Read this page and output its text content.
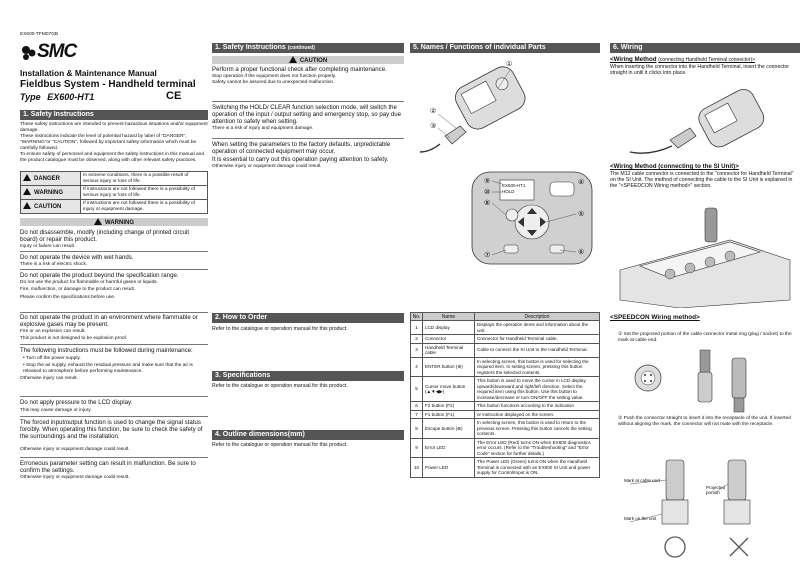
EX600-TFM07GB
SMC
Installation & Maintenance Manual
Fieldbus System - Handheld terminal
Type EX600-HT1	CE
1. Safety Instructions
These safety instructions are intended to prevent hazardous situations and/or equipment damage.
These instructions indicate the level of potential hazard by label of "DANGER", "WARNING"or "CAUTION", followed by important safety information which must be carefully followed.
To ensure safety of personnel and equipment the safety instructions in this manual and the product catalogue must be observed, along with other relevant safety practices.
DANGER	In extreme conditions, there is a possible result of serious injury or loss of life.
WARNING	If instructions are not followed there is a possibility of serious injury or loss of life.
CAUTION	If instructions are not followed there is a possibility of injury or equipment damage.
WARNING
Do not disassemble, modify (including change of printed circuit board) or repair this product.
Injury or failure can result.
Do not operate the device with wet hands.
There is a risk of electric shock.
Do not operate the product beyond the specification range.
Do not use the product for flammable or harmful gases or liquids.
Fire, malfunction, or damage to the product can result.
Please confirm the specifications before use.
Do not operate the product in an environment where flammable or explosive gases may be present.
Fire or an explosion can result.
This product is not designed to be explosion proof.
The following instructions must be followed during maintenance:
• Turn off the power supply.
• Stop the air supply, exhaust the residual pressure and make sure that the air is released to atmosphere before performing maintenance.
Otherwise injury can result.
Do not apply pressure to the LCD display.
This may cause damage or injury.
The forced input/output function is used to change the signal status forcibly. When operating this function, be sure to check the safety of the surroundings and the installation.
Otherwise injury or equipment damage could result.
Erroneous parameter setting can result in malfunction. Be sure to confirm the settings.
Otherwise injury or equipment damage could result.
1. Safety Instructions (continued)
CAUTION
Perform a proper functional check after completing maintenance.
Stop operation if the equipment does not function properly.
Safety cannot be assured due to unexpected malfunction.
Switching the HOLD/ CLEAR function selection mode, will switch the operation of the input / output setting and emergency stop, so pay due attention to safety when setting.
There is a risk of injury and equipment damage.
When setting the parameters to the factory defaults, unpredictable operation of connected equipment may occur.
It is essential to carry out this operation paying attention to safety.
Otherwise injury or equipment damage could result.
2. How to Order
Refer to the catalogue or operation manual for this product.
3. Specifications
Refer to the catalogue or operation manual for this product.
4. Outline dimensions(mm)
Refer to the catalogue or operation manual for this product.
5. Names / Functions of individual Parts
①
②
③
EX600-HT1
HOLD
⑨
⑩
⑧
⑦
⑤
⑥
④
No.	Name	Description
1	LCD display	Displays the operation items and information about the unit.
2	Connector	Connector for Handheld Terminal cable.
3	Handheld Terminal cable	Cable to connect the SI Unit to the Handheld Terminal.
4	ENTER button (⊛)	In selecting screen, this button is used for selecting the required item. In setting screen, pressing this button registers the selected contents.
5	Cursor move button (▲▼◀▶)	This button is used to move the cursor in LCD display upward/downward and right/left direction. Select the required item using this button. Use this button to increase/decrease or turn ON/OFF the setting value.
6	F2 button (F2)	This button functions according to the indication
7	F1 button (F1)	or instruction displayed on the screen.
8	Escape button (⊗)	In selecting screen, this button is used to return to the previous screen. Pressing this button cancels the setting contents.
9	Error LED	The Error LED (Red) turns ON when EX600 diagnostics error occurs. (Refer to the "Troubleshooting" and "Error Code" section for further details.)
10	Power LED	The Power LED (Green) turns ON when the Handheld Terminal is connected with an EX600 SI Unit and power supply for Control/Input is ON.
6. Wiring
<Wiring Method (connecting Handheld Terminal connector)>
When inserting the connector into the Handheld Terminal, insert the connector straight in until it clicks into place.
<Wiring Method (connecting to the SI Unit)>
The M12 cable connector is connected to the "connector for Handheld Terminal" on the SI Unit. The method of connecting the cable to the SI Unit is explained in the "<SPEEDCON Wiring method>" section.
<SPEEDCON Wiring method>
① Set the projected portion of the cable connector metal ring (plug / socket) to the mark at cable end.
② Push the connector straight to insert it into the receptacle of the unit. If inserted without aligning the mark, the connector will not mate with the receptacle.
Mark at cable end
Projected portion
Mark on the unit
